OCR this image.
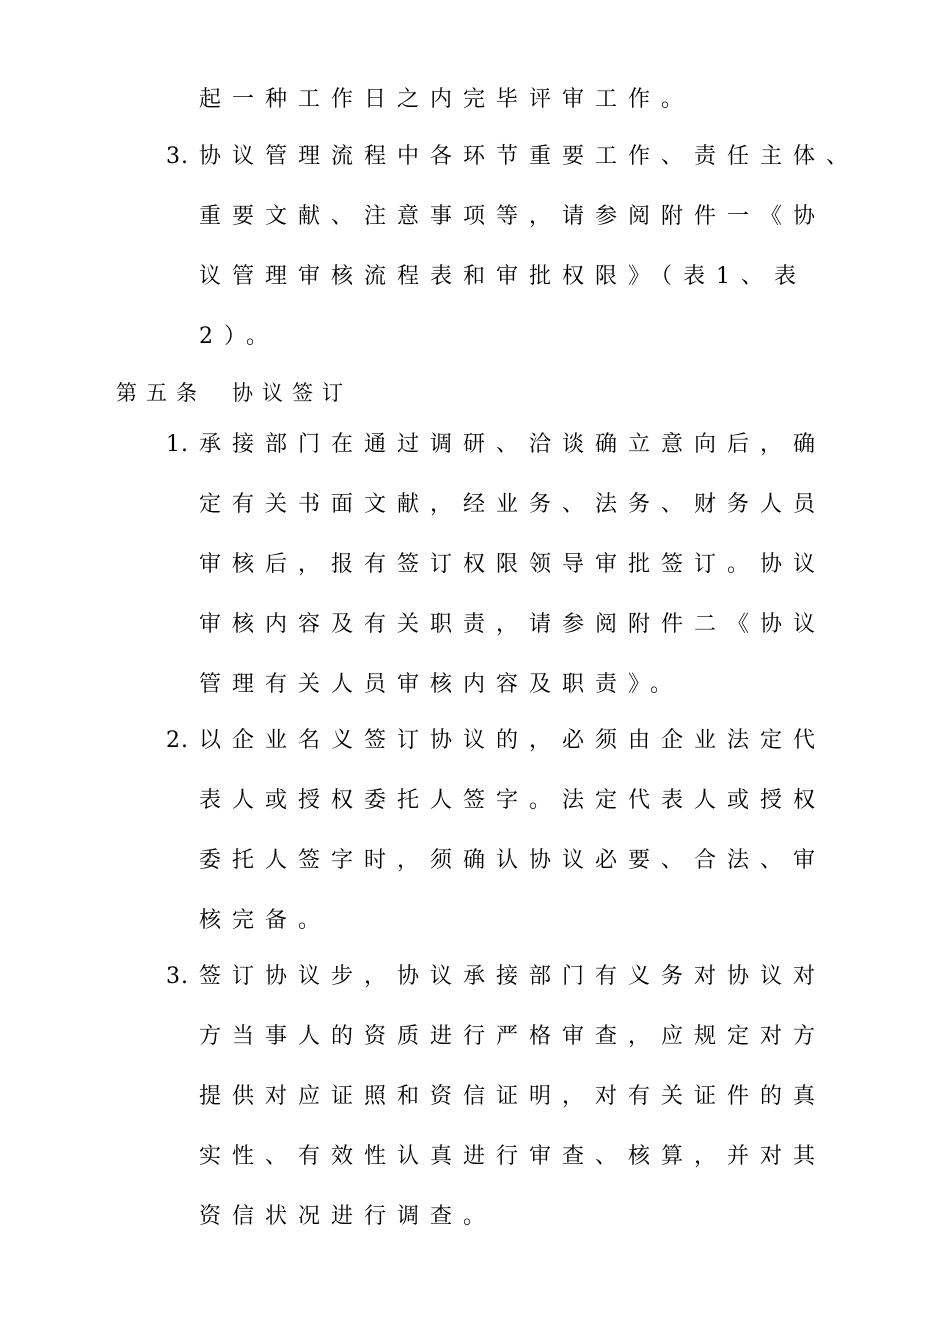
起一种工作日之内完毕评审工作。
3. 协议管理流程中各环节重要工作、责任主体、
重要文献、注意事项等，请参阅附件一《协
议管理审核流程表和审批权限》（表1、表
2）。
第五条 协议签订
1. 承接部门在通过调研、洽谈确立意向后，确
定有关书面文献，经业务、法务、财务人员
审核后，报有签订权限领导审批签订。协议
审核内容及有关职责，请参阅附件二《协议
管理有关人员审核内容及职责》。
2. 以企业名义签订协议的，必须由企业法定代
表人或授权委托人签字。法定代表人或授权
委托人签字时，须确认协议必要、合法、审
核完备。
3. 签订协议步，协议承接部门有义务对协议对
方当事人的资质进行严格审查，应规定对方
提供对应证照和资信证明，对有关证件的真
实性、有效性认真进行审查、核算，并对其
资信状况进行调查。
